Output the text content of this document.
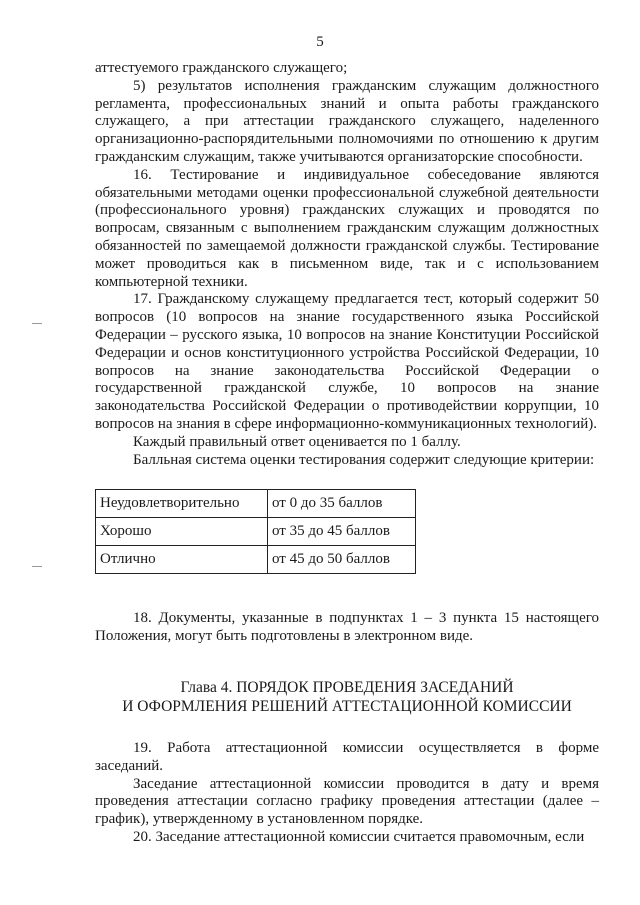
5

аттестуемого гражданского служащего;

5) результатов исполнения гражданским служащим должностного регламента, профессиональных знаний и опыта работы гражданского служащего, а при аттестации гражданского служащего, наделенного организационно-распорядительными полномочиями по отношению к другим гражданским служащим, также учитываются организаторские способности.

16. Тестирование и индивидуальное собеседование являются обязательными методами оценки профессиональной служебной деятельности (профессионального уровня) гражданских служащих и проводятся по вопросам, связанным с выполнением гражданским служащим должностных обязанностей по замещаемой должности гражданской службы. Тестирование может проводиться как в письменном виде, так и с использованием компьютерной техники.

17. Гражданскому служащему предлагается тест, который содержит 50 вопросов (10 вопросов на знание государственного языка Российской Федерации – русского языка, 10 вопросов на знание Конституции Российской Федерации и основ конституционного устройства Российской Федерации, 10 вопросов на знание законодательства Российской Федерации о государственной гражданской службе, 10 вопросов на знание законодательства Российской Федерации о противодействии коррупции, 10 вопросов на знания в сфере информационно-коммуникационных технологий).

Каждый правильный ответ оценивается по 1 баллу.

Балльная система оценки тестирования содержит следующие критерии:

Неудовлетворительно	от 0 до 35 баллов
Хорошо	от 35 до 45 баллов
Отлично	от 45 до 50 баллов

18. Документы, указанные в подпунктах 1 – 3 пункта 15 настоящего Положения, могут быть подготовлены в электронном виде.

Глава 4. ПОРЯДОК ПРОВЕДЕНИЯ ЗАСЕДАНИЙ
И ОФОРМЛЕНИЯ РЕШЕНИЙ АТТЕСТАЦИОННОЙ КОМИССИИ

19. Работа аттестационной комиссии осуществляется в форме заседаний.

Заседание аттестационной комиссии проводится в дату и время проведения аттестации согласно графику проведения аттестации (далее – график), утвержденному в установленном порядке.

20. Заседание аттестационной комиссии считается правомочным, если
